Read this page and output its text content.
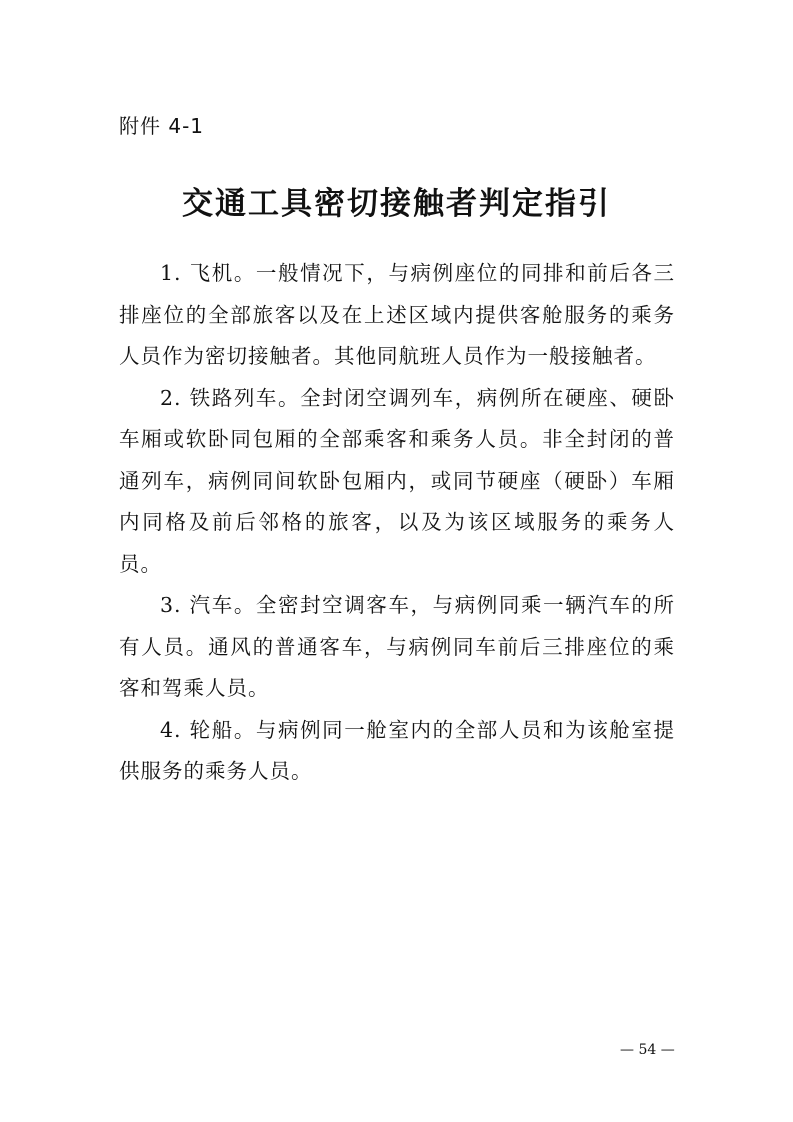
附件 4-1
交通工具密切接触者判定指引

1. 飞机。一般情况下，与病例座位的同排和前后各三排座位的全部旅客以及在上述区域内提供客舱服务的乘务人员作为密切接触者。其他同航班人员作为一般接触者。

2. 铁路列车。全封闭空调列车，病例所在硬座、硬卧车厢或软卧同包厢的全部乘客和乘务人员。非全封闭的普通列车，病例同间软卧包厢内，或同节硬座（硬卧）车厢内同格及前后邻格的旅客，以及为该区域服务的乘务人员。

3. 汽车。全密封空调客车，与病例同乘一辆汽车的所有人员。通风的普通客车，与病例同车前后三排座位的乘客和驾乘人员。

4. 轮船。与病例同一舱室内的全部人员和为该舱室提供服务的乘务人员。

— 54 —
